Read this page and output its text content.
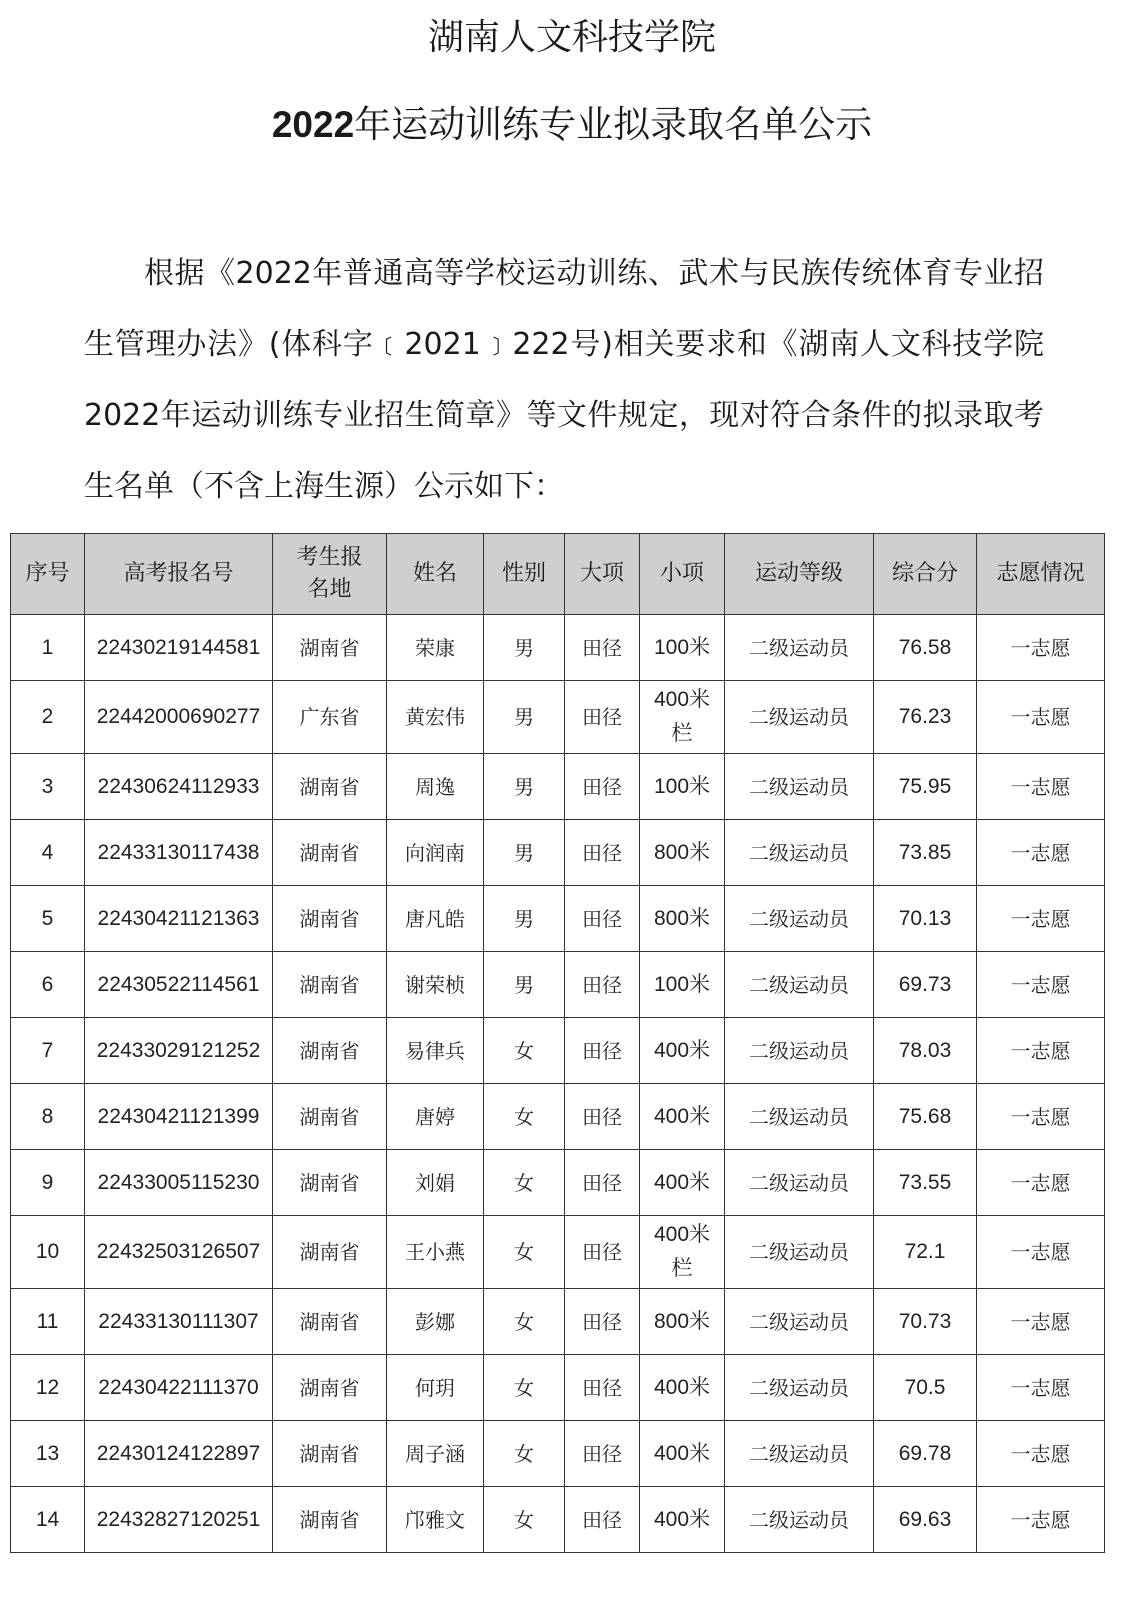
湖南人文科技学院
2022年运动训练专业拟录取名单公示
根据《2022年普通高等学校运动训练、武术与民族传统体育专业招生管理办法》(体科字﹝2021﹞222号)相关要求和《湖南人文科技学院2022年运动训练专业招生简章》等文件规定，现对符合条件的拟录取考生名单（不含上海生源）公示如下：
序号	高考报名号	考生报名地	姓名	性别	大项	小项	运动等级	综合分	志愿情况
1	22430219144581	湖南省	荣康	男	田径	100米	二级运动员	76.58	一志愿
2	22442000690277	广东省	黄宏伟	男	田径	400米栏	二级运动员	76.23	一志愿
3	22430624112933	湖南省	周逸	男	田径	100米	二级运动员	75.95	一志愿
4	22433130117438	湖南省	向润南	男	田径	800米	二级运动员	73.85	一志愿
5	22430421121363	湖南省	唐凡皓	男	田径	800米	二级运动员	70.13	一志愿
6	22430522114561	湖南省	谢荣桢	男	田径	100米	二级运动员	69.73	一志愿
7	22433029121252	湖南省	易律兵	女	田径	400米	二级运动员	78.03	一志愿
8	22430421121399	湖南省	唐婷	女	田径	400米	二级运动员	75.68	一志愿
9	22433005115230	湖南省	刘娟	女	田径	400米	二级运动员	73.55	一志愿
10	22432503126507	湖南省	王小燕	女	田径	400米栏	二级运动员	72.1	一志愿
11	22433130111307	湖南省	彭娜	女	田径	800米	二级运动员	70.73	一志愿
12	22430422111370	湖南省	何玥	女	田径	400米	二级运动员	70.5	一志愿
13	22430124122897	湖南省	周子涵	女	田径	400米	二级运动员	69.78	一志愿
14	22432827120251	湖南省	邝雅文	女	田径	400米	二级运动员	69.63	一志愿
